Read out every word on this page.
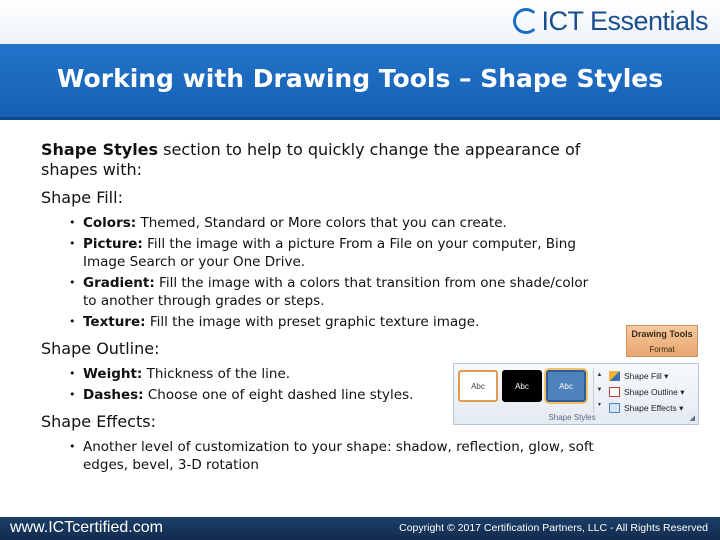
ICT Essentials
Working with Drawing Tools – Shape Styles

Shape Styles section to help to quickly change the appearance of shapes with:

Shape Fill:

• Colors: Themed, Standard or More colors that you can create.
• Picture: Fill the image with a picture From a File on your computer, Bing Image Search or your One Drive.
• Gradient: Fill the image with a colors that transition from one shade/color to another through grades or steps.
• Texture: Fill the image with preset graphic texture image.

Shape Outline:

• Weight: Thickness of the line.
• Dashes: Choose one of eight dashed line styles.

Shape Effects:

• Another level of customization to your shape: shadow, reflection, glow, soft edges, bevel, 3-D rotation
Drawing Tools
Format
Abc	Abc	Abc
▲
▼
▾
Shape Fill ▾
Shape Outline ▾
Shape Effects ▾
Shape Styles	◢
www.ICTcertified.com	Copyright © 2017 Certification Partners, LLC - All Rights Reserved
